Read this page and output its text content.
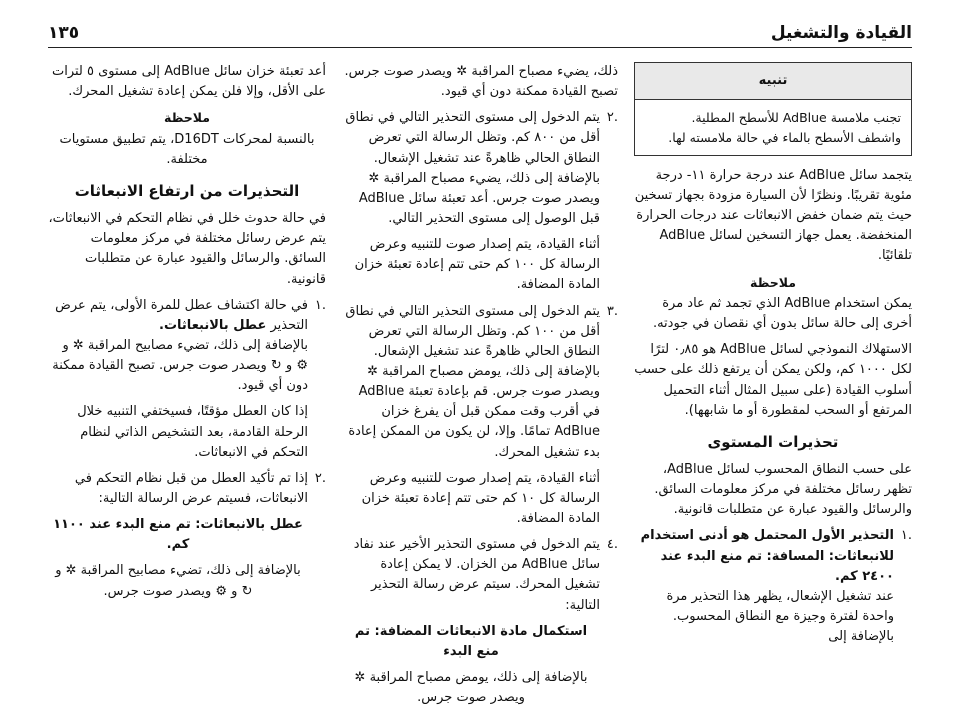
القيادة والتشغيل
١٣٥
تنبيه
تجنب ملامسة AdBlue للأسطح المطلية. واشطف الأسطح بالماء في حالة ملامسته لها.

يتجمد سائل AdBlue عند درجة حرارة ١١- درجة مئوية تقريبًا. ونظرًا لأن السيارة مزودة بجهاز تسخين حيث يتم ضمان خفض الانبعاثات عند درجات الحرارة المنخفضة. يعمل جهاز التسخين لسائل AdBlue تلقائيًا.

ملاحظة

يمكن استخدام AdBlue الذي تجمد ثم عاد مرة أخرى إلى حالة سائل بدون أي نقصان في جودته.

الاستهلاك النموذجي لسائل AdBlue هو ٠٫٨٥ لترًا لكل ١٠٠٠ كم، ولكن يمكن أن يرتفع ذلك على حسب أسلوب القيادة (على سبيل المثال أثناء التحميل المرتفع أو السحب لمقطورة أو ما شابهها).

تحذيرات المستوى

على حسب النطاق المحسوب لسائل AdBlue، تظهر رسائل مختلفة في مركز معلومات السائق. والرسائل والقيود عبارة عن متطلبات قانونية.

.١
التحذير الأول المحتمل هو أدنى استخدام للانبعاثات: المسافة: تم منع البدء عند ٢٤٠٠ كم.
عند تشغيل الإشعال، يظهر هذا التحذير مرة واحدة لفترة وجيزة مع النطاق المحسوب. بالإضافة إلى

ذلك، يضيء مصباح المراقبة ✲ ويصدر صوت جرس. تصبح القيادة ممكنة دون أي قيود.

.٢

يتم الدخول إلى مستوى التحذير التالي في نطاق أقل من ٨٠٠ كم. وتظل الرسالة التي تعرض النطاق الحالي ظاهرةً عند تشغيل الإشعال. بالإضافة إلى ذلك، يضيء مصباح المراقبة ✲ ويصدر صوت جرس. أعد تعبئة سائل AdBlue قبل الوصول إلى مستوى التحذير التالي.

أثناء القيادة، يتم إصدار صوت للتنبيه وعرض الرسالة كل ١٠٠ كم حتى تتم إعادة تعبئة خزان المادة المضافة.

.٣

يتم الدخول إلى مستوى التحذير التالي في نطاق أقل من ١٠٠ كم. وتظل الرسالة التي تعرض النطاق الحالي ظاهرةً عند تشغيل الإشعال. بالإضافة إلى ذلك، يومض مصباح المراقبة ✲ ويصدر صوت جرس. قم بإعادة تعبئة AdBlue في أقرب وقت ممكن قبل أن يفرغ خزان AdBlue تمامًا. وإلا، لن يكون من الممكن إعادة بدء تشغيل المحرك.

أثناء القيادة، يتم إصدار صوت للتنبيه وعرض الرسالة كل ١٠ كم حتى تتم إعادة تعبئة خزان المادة المضافة.

.٤

يتم الدخول في مستوى التحذير الأخير عند نفاد سائل AdBlue من الخزان. لا يمكن إعادة تشغيل المحرك. سيتم عرض رسالة التحذير التالية:

استكمال مادة الانبعاثات المضافة: تم منع البدء

بالإضافة إلى ذلك، يومض مصباح المراقبة ✲ ويصدر صوت جرس.

أعد تعبئة خزان سائل AdBlue إلى مستوى ٥ لترات على الأقل، وإلا فلن يمكن إعادة تشغيل المحرك.

ملاحظة

بالنسبة لمحركات D16DT، يتم تطبيق مستويات مختلفة.

التحذيرات من ارتفاع الانبعاثات

في حالة حدوث خلل في نظام التحكم في الانبعاثات، يتم عرض رسائل مختلفة في مركز معلومات السائق. والرسائل والقيود عبارة عن متطلبات قانونية.

.١
في حالة اكتشاف عطل للمرة الأولى، يتم عرض التحذير عطل بالانبعاثات.

بالإضافة إلى ذلك، تضيء مصابيح المراقبة ✲ و ⚙ و ↻ ويصدر صوت جرس. تصبح القيادة ممكنة دون أي قيود.

إذا كان العطل مؤقتًا، فسيختفي التنبيه خلال الرحلة القادمة، بعد التشخيص الذاتي لنظام التحكم في الانبعاثات.

.٢

إذا تم تأكيد العطل من قبل نظام التحكم في الانبعاثات، فسيتم عرض الرسالة التالية:

عطل بالانبعاثات: تم منع البدء عند ١١٠٠ كم.

بالإضافة إلى ذلك، تضيء مصابيح المراقبة ✲ و ↻ و ⚙ ويصدر صوت جرس.
